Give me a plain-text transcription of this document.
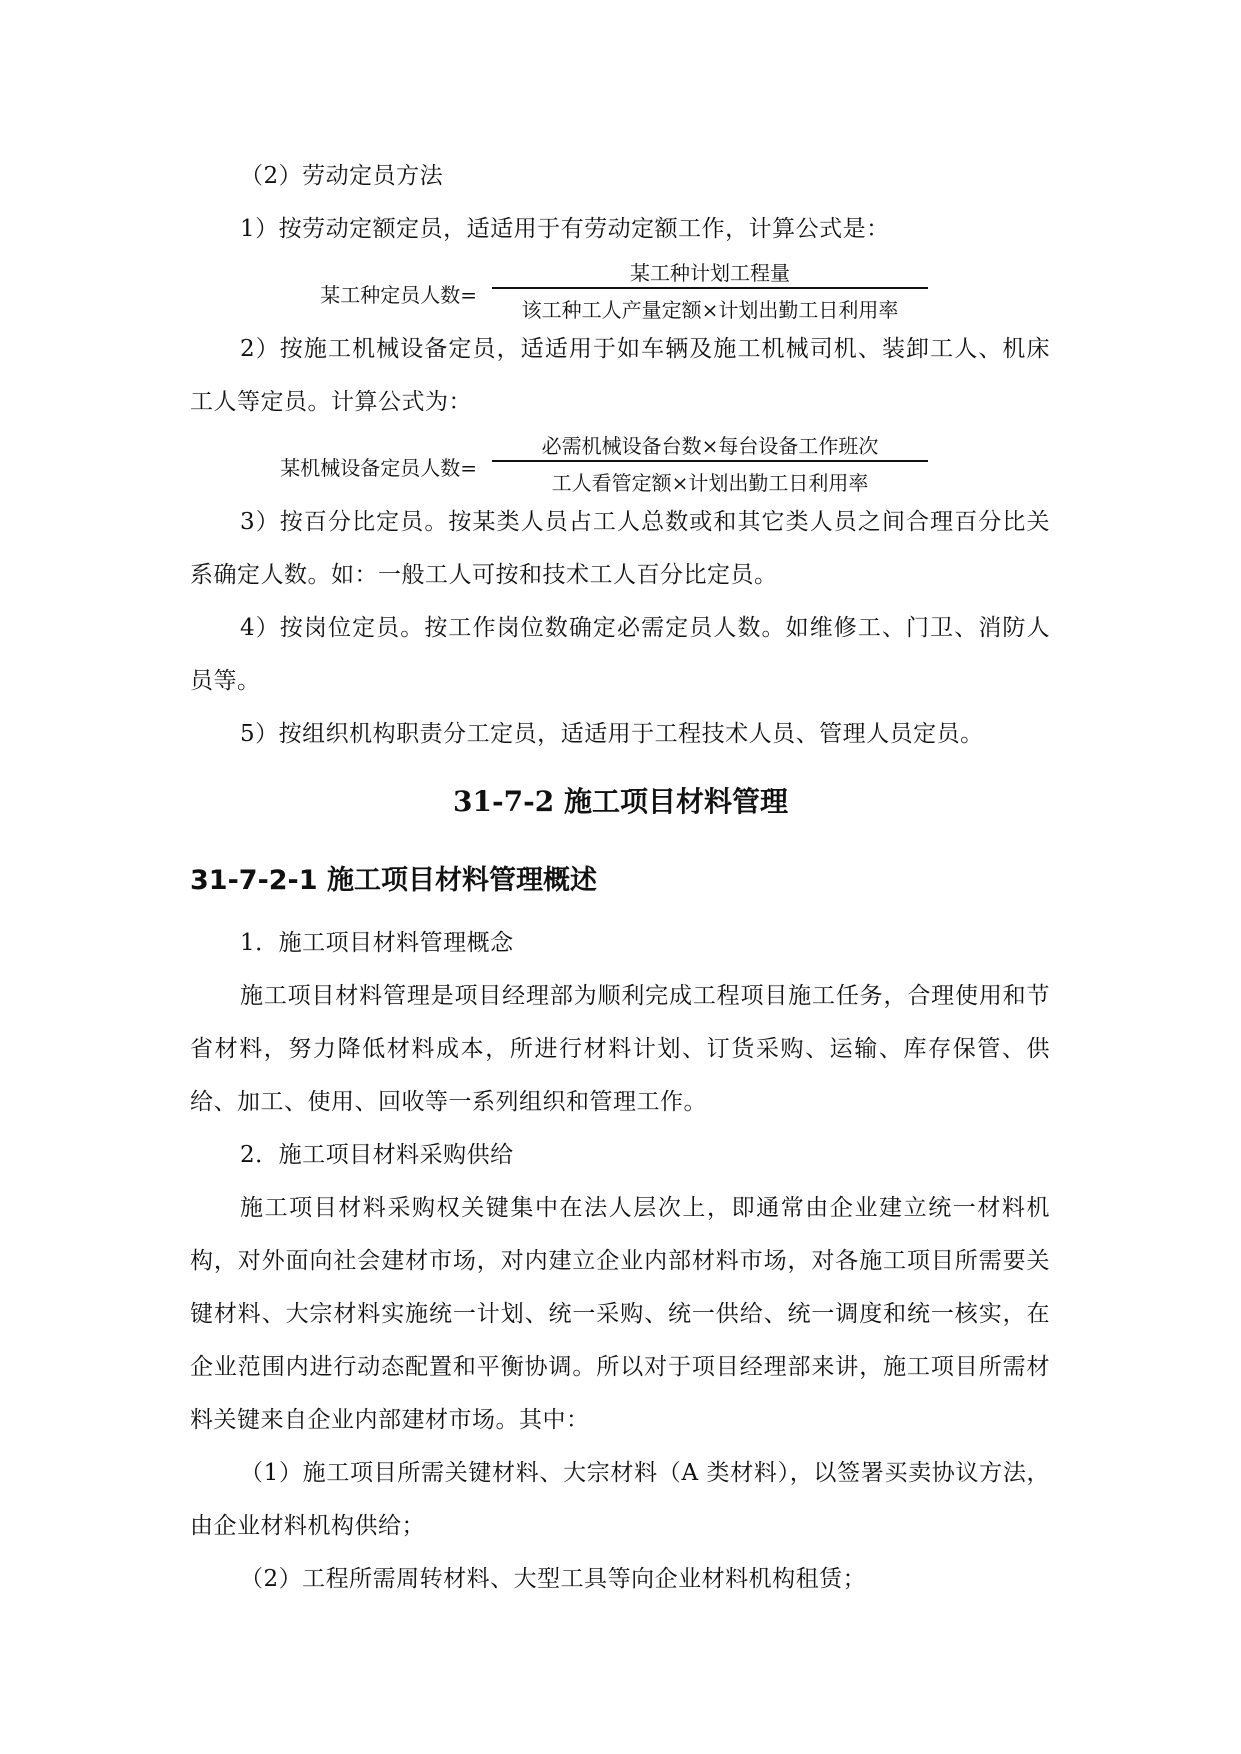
（2）劳动定员方法

1）按劳动定额定员，适适用于有劳动定额工作，计算公式是：

某工种定员人数=
某工种计划工程量
该工种工人产量定额×计划出勤工日利用率

2）按施工机械设备定员，适适用于如车辆及施工机械司机、装卸工人、机床工人等定员。计算公式为：

某机械设备定员人数=
必需机械设备台数×每台设备工作班次
工人看管定额×计划出勤工日利用率

3）按百分比定员。按某类人员占工人总数或和其它类人员之间合理百分比关系确定人数。如：一般工人可按和技术工人百分比定员。

4）按岗位定员。按工作岗位数确定必需定员人数。如维修工、门卫、消防人员等。

5）按组织机构职责分工定员，适适用于工程技术人员、管理人员定员。

31-7-2 施工项目材料管理
31-7-2-1 施工项目材料管理概述

1．施工项目材料管理概念

施工项目材料管理是项目经理部为顺利完成工程项目施工任务，合理使用和节省材料，努力降低材料成本，所进行材料计划、订货采购、运输、库存保管、供给、加工、使用、回收等一系列组织和管理工作。

2．施工项目材料采购供给

施工项目材料采购权关键集中在法人层次上，即通常由企业建立统一材料机构，对外面向社会建材市场，对内建立企业内部材料市场，对各施工项目所需要关键材料、大宗材料实施统一计划、统一采购、统一供给、统一调度和统一核实，在企业范围内进行动态配置和平衡协调。所以对于项目经理部来讲，施工项目所需材料关键来自企业内部建材市场。其中：

（1）施工项目所需关键材料、大宗材料（A 类材料），以签署买卖协议方法，由企业材料机构供给；

（2）工程所需周转材料、大型工具等向企业材料机构租赁；
